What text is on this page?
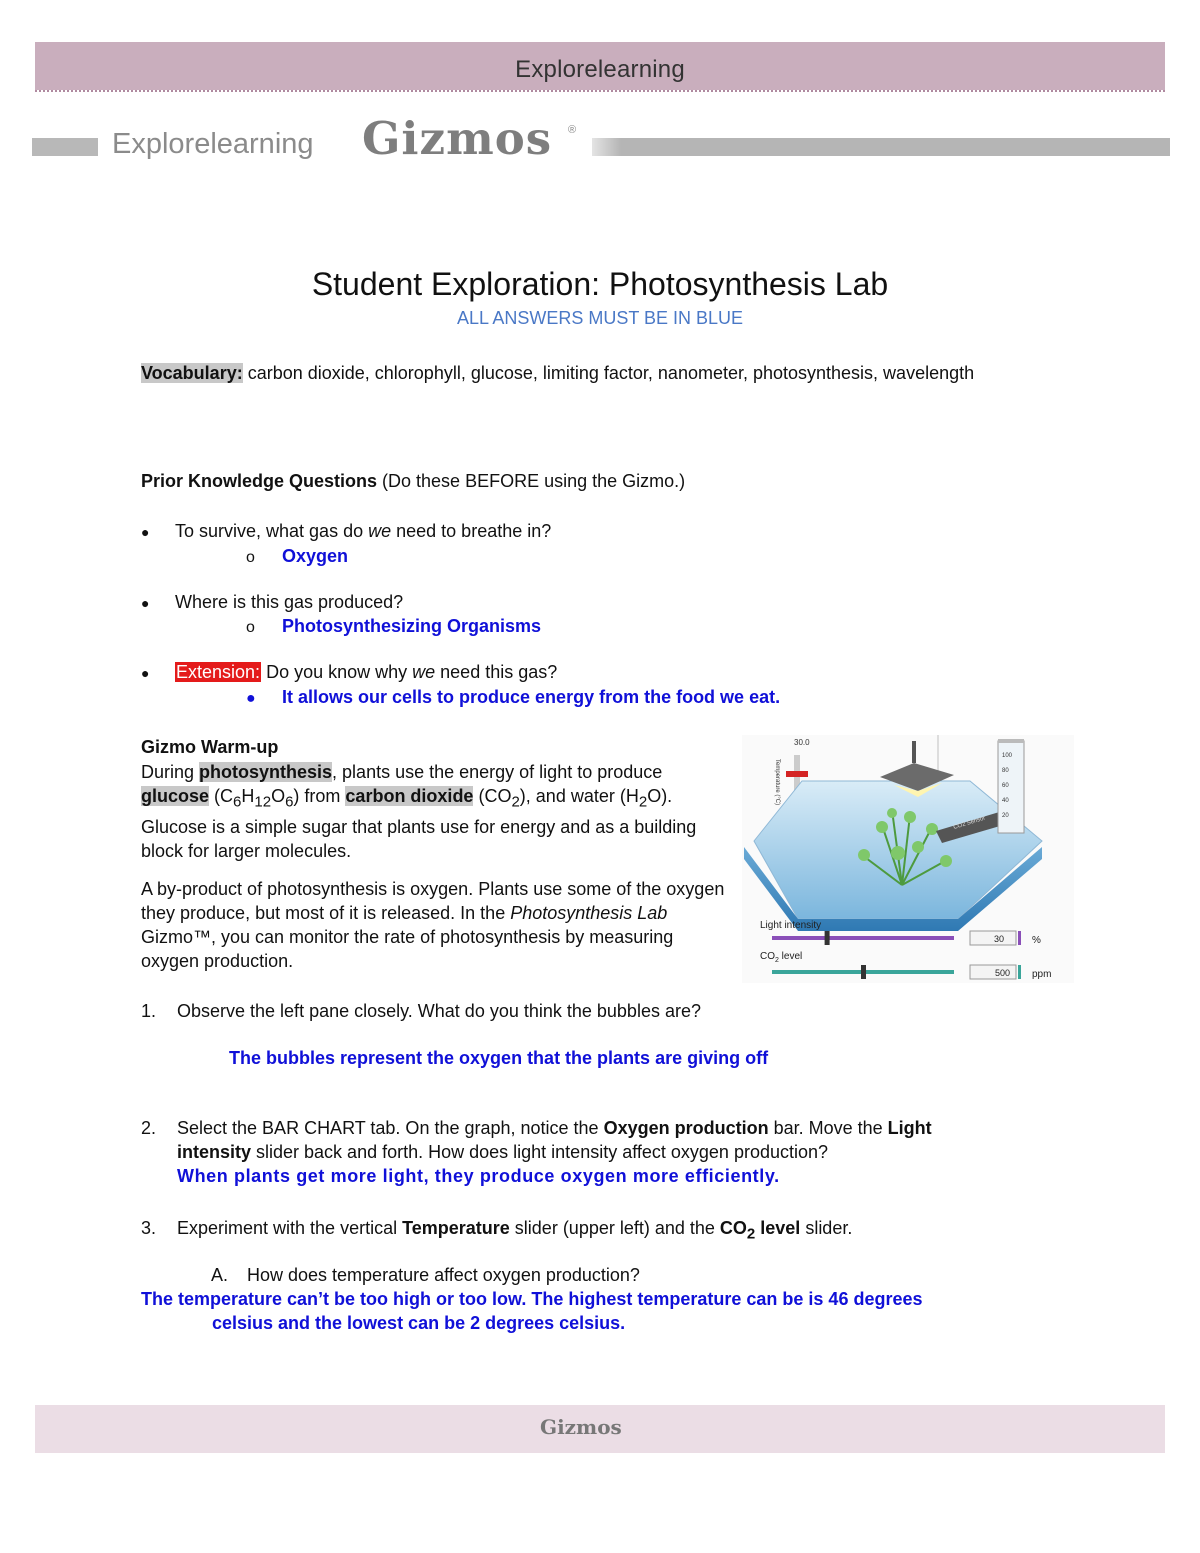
Explorelearning
Explorelearning Gizmos ®
Student Exploration: Photosynthesis Lab
ALL ANSWERS MUST BE IN BLUE
Vocabulary: carbon dioxide, chlorophyll, glucose, limiting factor, nanometer, photosynthesis, wavelength
Prior Knowledge Questions (Do these BEFORE using the Gizmo.)
● To survive, what gas do we need to breathe in?
o Oxygen
● Where is this gas produced?
o Photosynthesizing Organisms
● Extension: Do you know why we need this gas?
● It allows our cells to produce energy from the food we eat.
Gizmo Warm-up
During photosynthesis, plants use the energy of light to produce glucose $(C_6H_{12}O_6)$ from carbon dioxide $(CO_2)$, and water $(H_2O)$. Glucose is a simple sugar that plants use for energy and as a building block for larger molecules.
A by-product of photosynthesis is oxygen. Plants use some of the oxygen they produce, but most of it is released. In the Photosynthesis Lab Gizmo™, you can monitor the rate of photosynthesis by measuring oxygen production.
30.0
Temperature (°C)
CO2 Sensor
100
80
60
40
20
Light intensity
30	%
$CO_2$ level
500 ppm
1. Observe the left pane closely. What do you think the bubbles are?
The bubbles represent the oxygen that the plants are giving off
2.	Select the BAR CHART tab. On the graph, notice the Oxygen production bar. Move the Light intensity slider back and forth. How does light intensity affect oxygen production?
When plants get more light, they produce oxygen more efficiently.
3. Experiment with the vertical Temperature slider (upper left) and the $CO_2$ level slider.
A. How does temperature affect oxygen production?
The temperature can’t be too high or too low. The highest temperature can be is 46 degrees
celsius and the lowest can be 2 degrees celsius.
Gizmos
